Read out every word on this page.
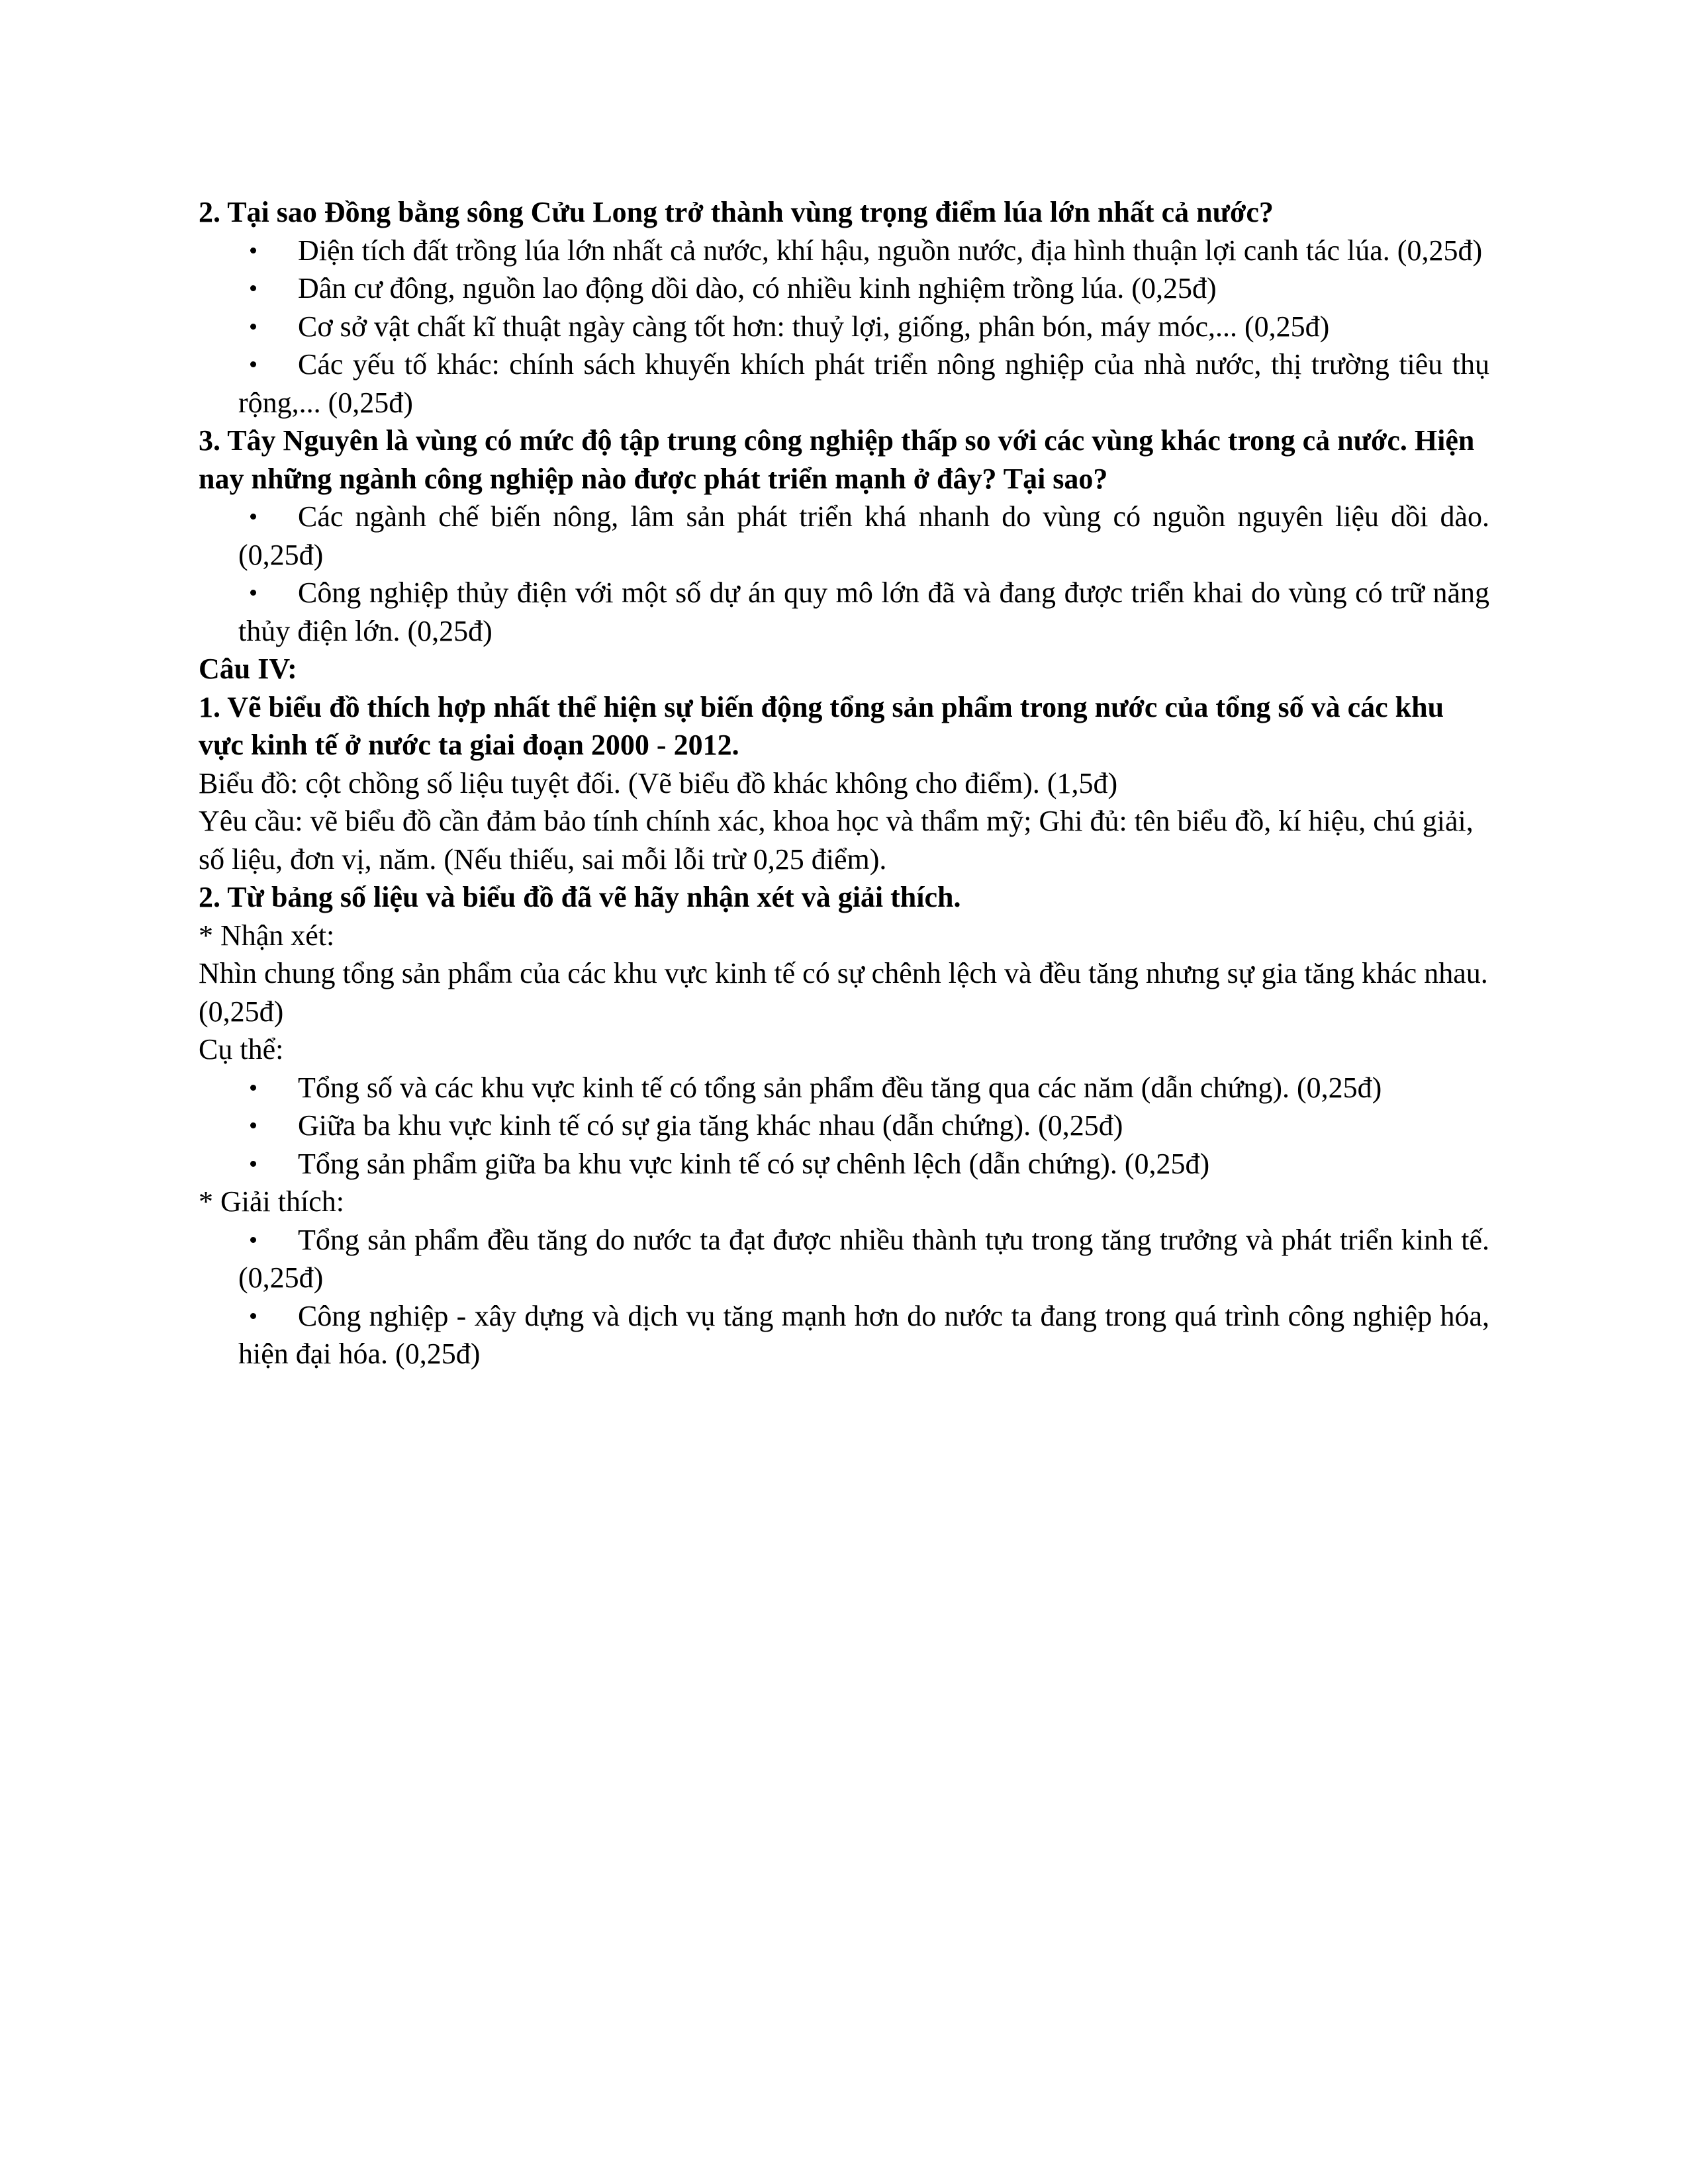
2. Tại sao Đồng bằng sông Cửu Long trở thành vùng trọng điểm lúa lớn nhất cả nước?

Diện tích đất trồng lúa lớn nhất cả nước, khí hậu, nguồn nước, địa hình thuận lợi canh tác lúa. (0,25đ)
Dân cư đông, nguồn lao động dồi dào, có nhiều kinh nghiệm trồng lúa. (0,25đ)
Cơ sở vật chất kĩ thuật ngày càng tốt hơn: thuỷ lợi, giống, phân bón, máy móc,... (0,25đ)
Các yếu tố khác: chính sách khuyến khích phát triển nông nghiệp của nhà nước, thị trường tiêu thụ rộng,... (0,25đ)

3. Tây Nguyên là vùng có mức độ tập trung công nghiệp thấp so với các vùng khác trong cả nước. Hiện nay những ngành công nghiệp nào được phát triển mạnh ở đây? Tại sao?

Các ngành chế biến nông, lâm sản phát triển khá nhanh do vùng có nguồn nguyên liệu dồi dào. (0,25đ)
Công nghiệp thủy điện với một số dự án quy mô lớn đã và đang được triển khai do vùng có trữ năng thủy điện lớn. (0,25đ)

Câu IV:

1. Vẽ biểu đồ thích hợp nhất thể hiện sự biến động tổng sản phẩm trong nước của tổng số và các khu vực kinh tế ở nước ta giai đoạn 2000 - 2012.

Biểu đồ: cột chồng số liệu tuyệt đối. (Vẽ biểu đồ khác không cho điểm). (1,5đ)

Yêu cầu: vẽ biểu đồ cần đảm bảo tính chính xác, khoa học và thẩm mỹ; Ghi đủ: tên biểu đồ, kí hiệu, chú giải, số liệu, đơn vị, năm. (Nếu thiếu, sai mỗi lỗi trừ 0,25 điểm).

2. Từ bảng số liệu và biểu đồ đã vẽ hãy nhận xét và giải thích.

* Nhận xét:

Nhìn chung tổng sản phẩm của các khu vực kinh tế có sự chênh lệch và đều tăng nhưng sự gia tăng khác nhau. (0,25đ)

Cụ thể:

Tổng số và các khu vực kinh tế có tổng sản phẩm đều tăng qua các năm (dẫn chứng). (0,25đ)
Giữa ba khu vực kinh tế có sự gia tăng khác nhau (dẫn chứng). (0,25đ)
Tổng sản phẩm giữa ba khu vực kinh tế có sự chênh lệch (dẫn chứng). (0,25đ)

* Giải thích:

Tổng sản phẩm đều tăng do nước ta đạt được nhiều thành tựu trong tăng trưởng và phát triển kinh tế. (0,25đ)
Công nghiệp - xây dựng và dịch vụ tăng mạnh hơn do nước ta đang trong quá trình công nghiệp hóa, hiện đại hóa. (0,25đ)
